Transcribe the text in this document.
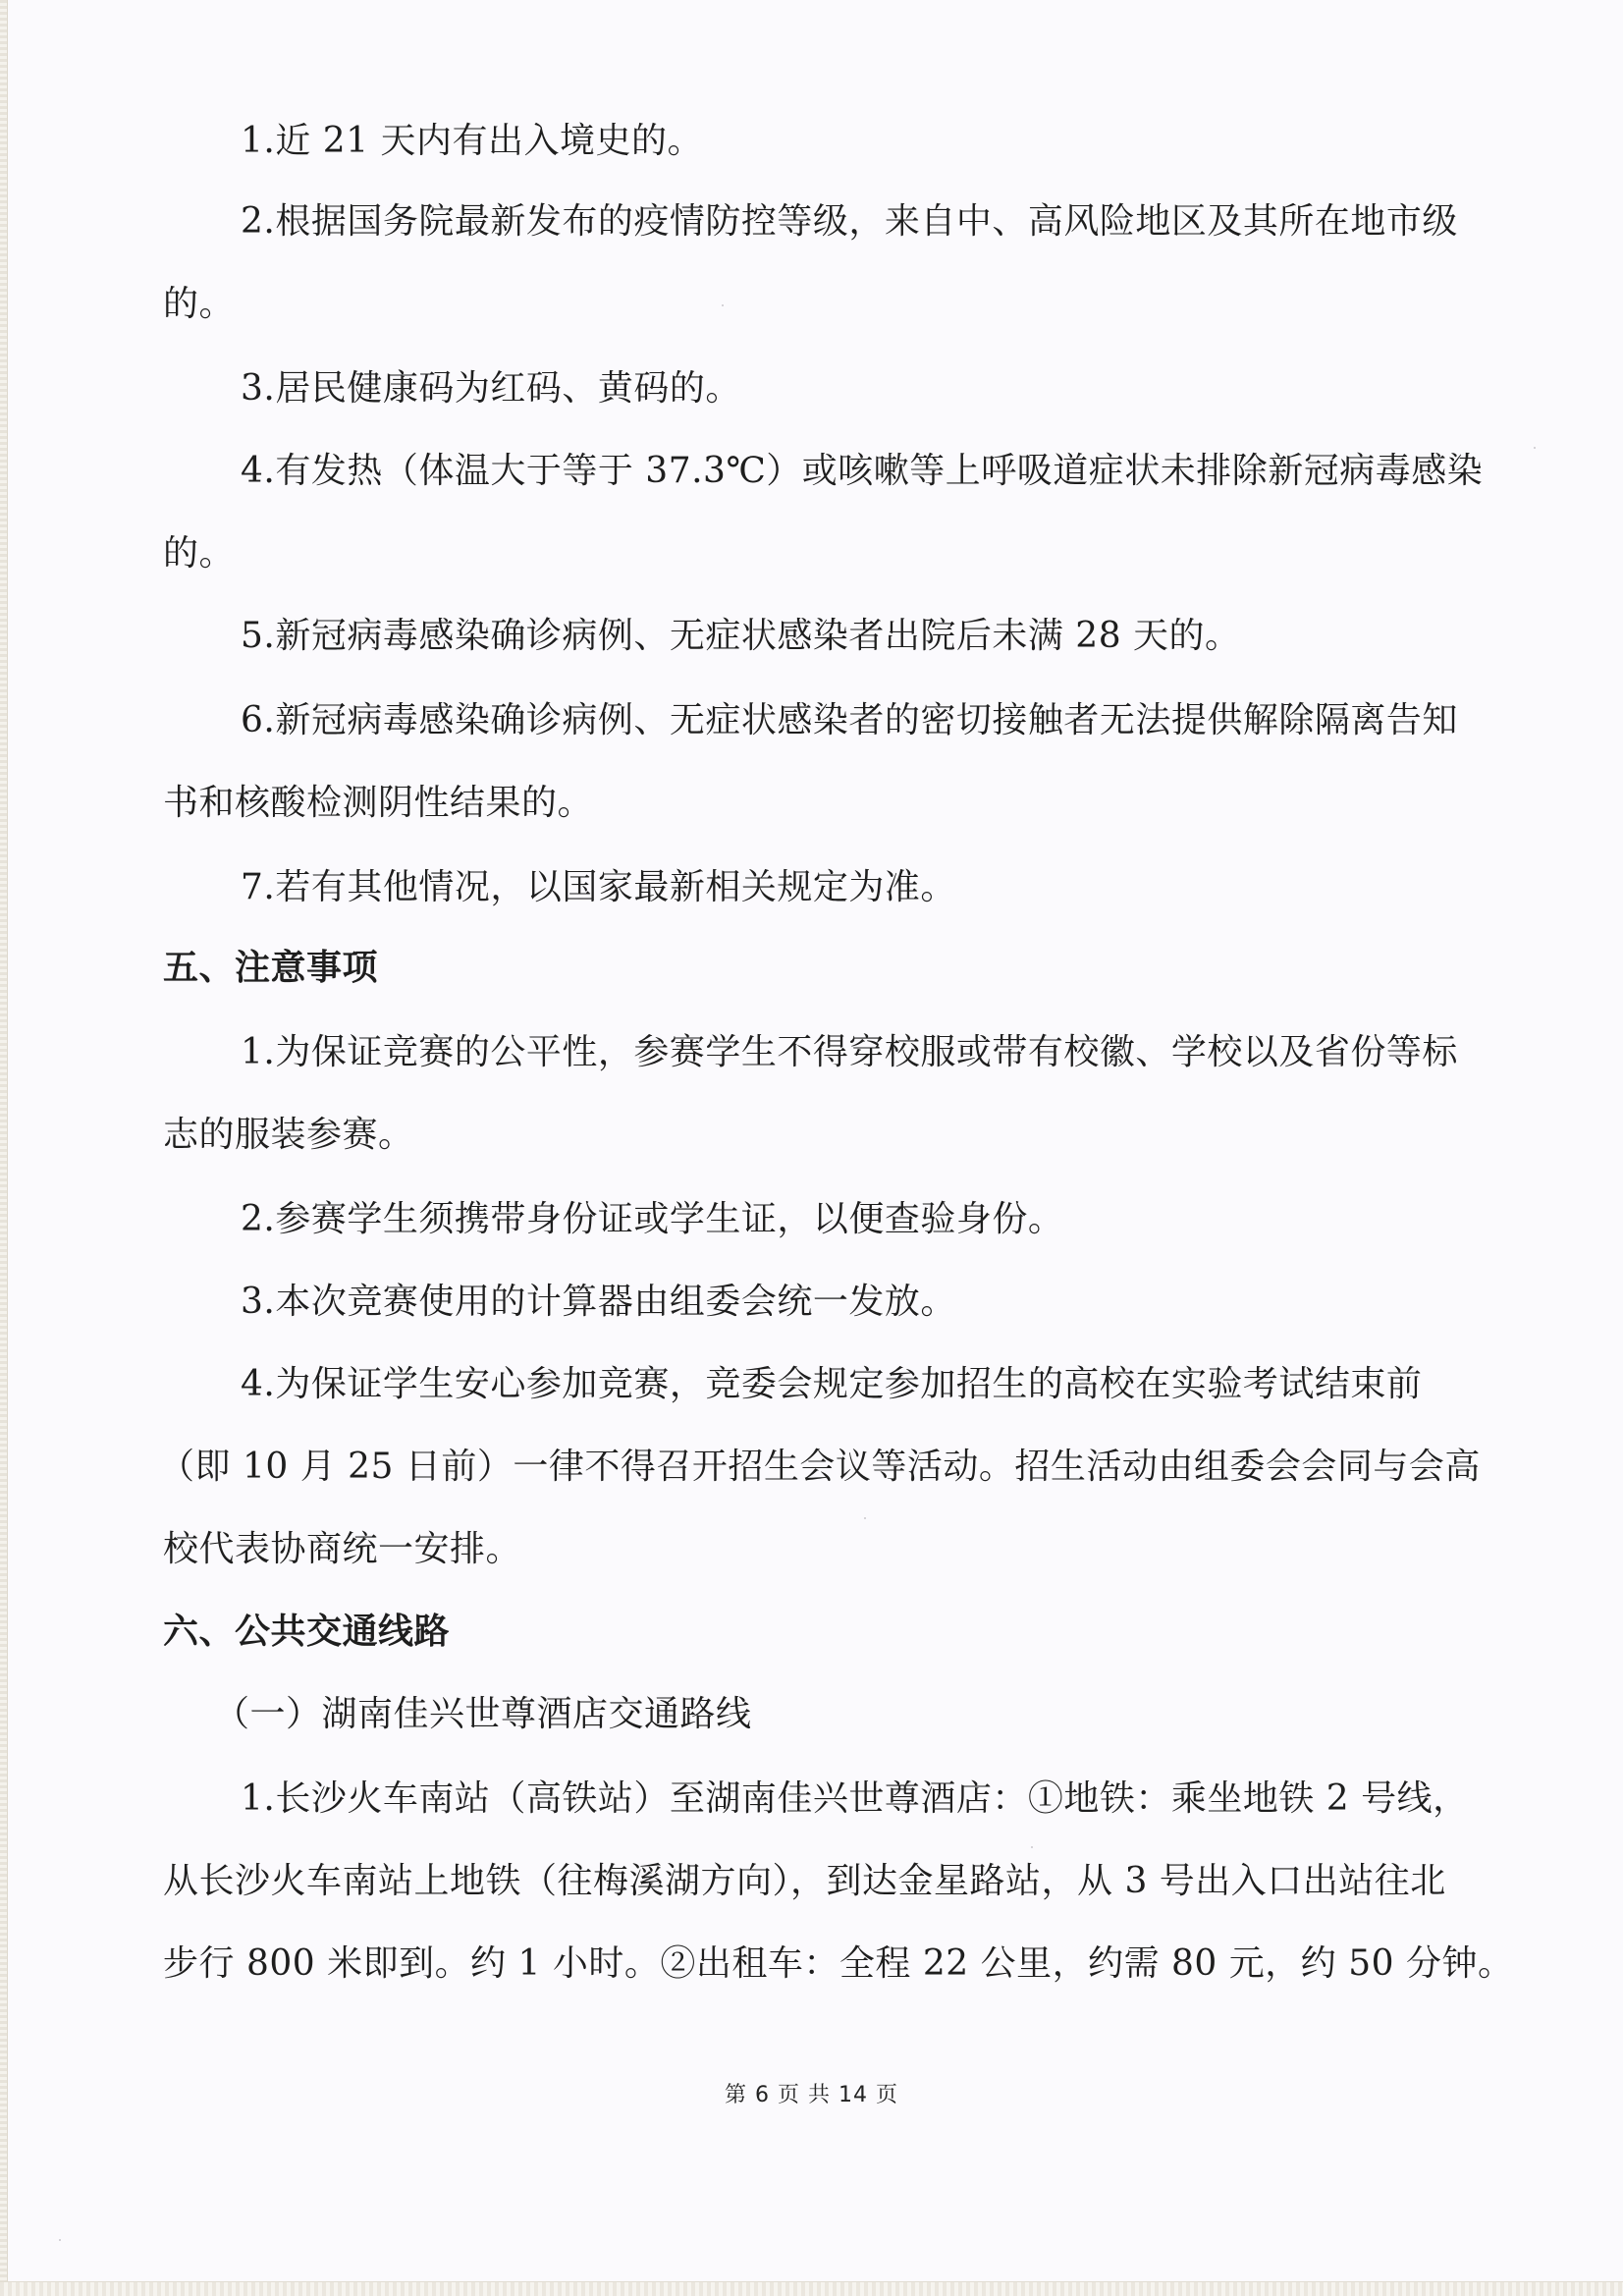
1.近 21 天内有出入境史的。
2.根据国务院最新发布的疫情防控等级，来自中、高风险地区及其所在地市级
的。
3.居民健康码为红码、黄码的。
4.有发热（体温大于等于 37.3℃）或咳嗽等上呼吸道症状未排除新冠病毒感染
的。
5.新冠病毒感染确诊病例、无症状感染者出院后未满 28 天的。
6.新冠病毒感染确诊病例、无症状感染者的密切接触者无法提供解除隔离告知
书和核酸检测阴性结果的。
7.若有其他情况，以国家最新相关规定为准。
五、注意事项
1.为保证竞赛的公平性，参赛学生不得穿校服或带有校徽、学校以及省份等标
志的服装参赛。
2.参赛学生须携带身份证或学生证，以便查验身份。
3.本次竞赛使用的计算器由组委会统一发放。
4.为保证学生安心参加竞赛，竞委会规定参加招生的高校在实验考试结束前
（即 10 月 25 日前）一律不得召开招生会议等活动。招生活动由组委会会同与会高
校代表协商统一安排。
六、公共交通线路
（一）湖南佳兴世尊酒店交通路线
1.长沙火车南站（高铁站）至湖南佳兴世尊酒店：①地铁：乘坐地铁 2 号线，
从长沙火车南站上地铁（往梅溪湖方向），到达金星路站，从 3 号出入口出站往北
步行 800 米即到。约 1 小时。②出租车：全程 22 公里，约需 80 元，约 50 分钟。
第 6 页 共 14 页
